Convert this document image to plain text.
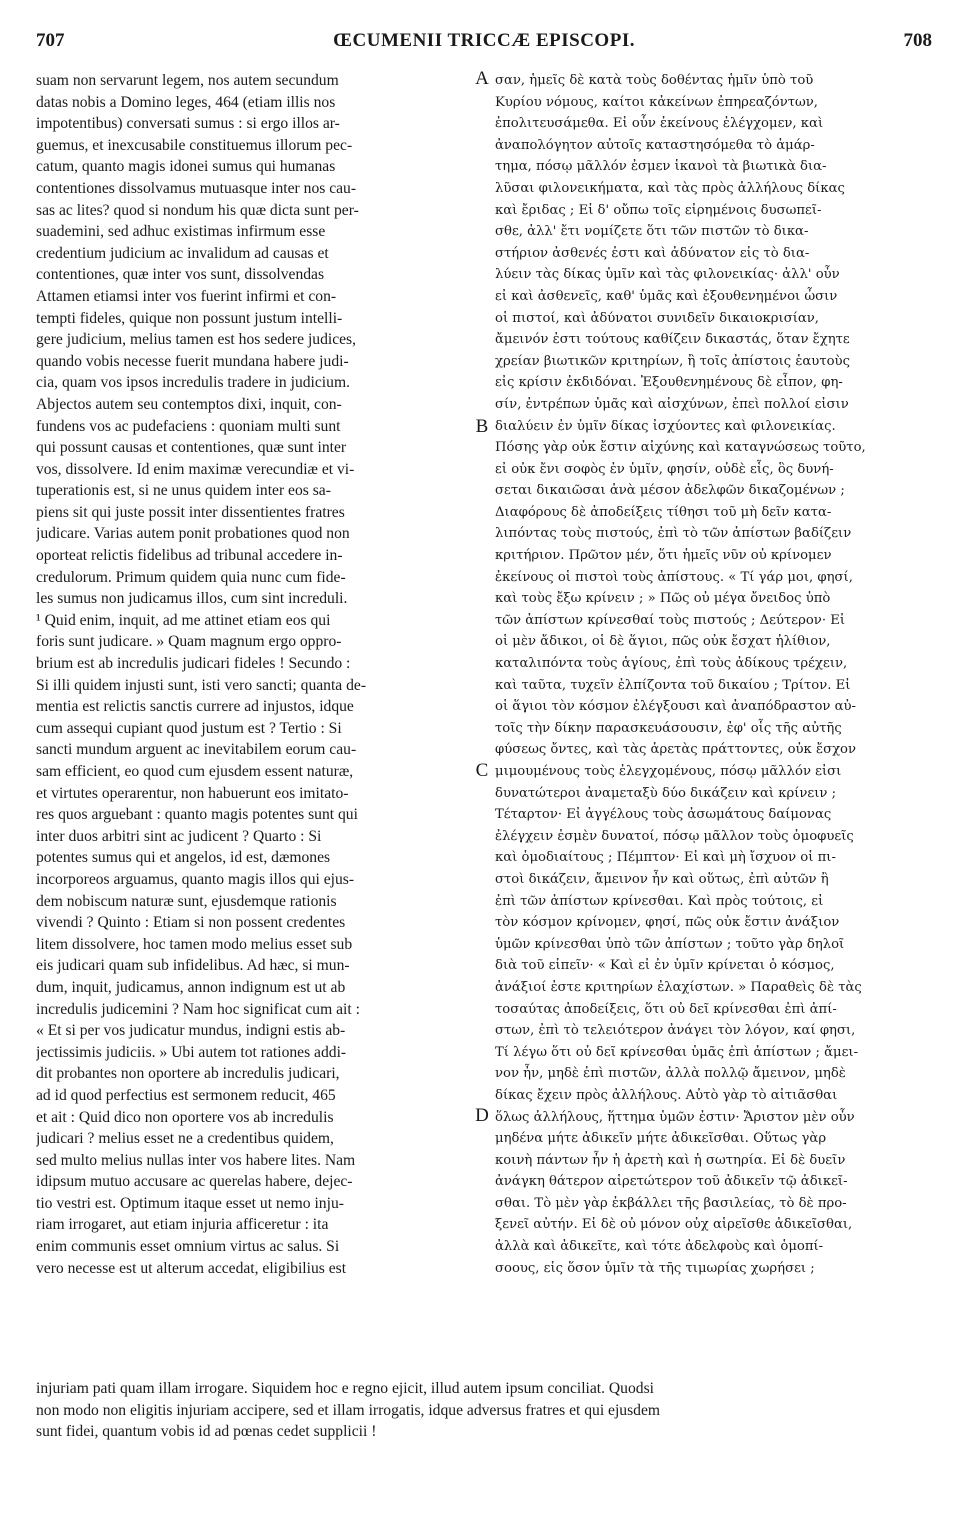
707	ŒCUMENII TRICCÆ EPISCOPI.	708
suam non servarunt legem, nos autem secundum
datas nobis a Domino leges, 464 (etiam illis nos
impotentibus) conversati sumus : si ergo illos ar-
guemus, et inexcusabile constituemus illorum pec-
catum, quanto magis idonei sumus qui humanas
contentiones dissolvamus mutuasque inter nos cau-
sas ac lites? quod si nondum his quæ dicta sunt per-
suademini, sed adhuc existimas infirmum esse
credentium judicium ac invalidum ad causas et
contentiones, quæ inter vos sunt, dissolvendas
Attamen etiamsi inter vos fuerint infirmi et con-
tempti fideles, quique non possunt justum intelli-
gere judicium, melius tamen est hos sedere judices,
quando vobis necesse fuerit mundana habere judi-
cia, quam vos ipsos incredulis tradere in judicium.
Abjectos autem seu contemptos dixi, inquit, con-
fundens vos ac pudefaciens : quoniam multi sunt
qui possunt causas et contentiones, quæ sunt inter
vos, dissolvere. Id enim maximæ verecundiæ et vi-
tuperationis est, si ne unus quidem inter eos sa-
piens sit qui juste possit inter dissentientes fratres
judicare. Varias autem ponit probationes quod non
oporteat relictis fidelibus ad tribunal accedere in-
credulorum. Primum quidem quia nunc cum fide-
les sumus non judicamus illos, cum sint increduli.
¹ Quid enim, inquit, ad me attinet etiam eos qui
foris sunt judicare. » Quam magnum ergo oppro-
brium est ab incredulis judicari fideles ! Secundo :
Si illi quidem injusti sunt, isti vero sancti; quanta de-
mentia est relictis sanctis currere ad injustos, idque
cum assequi cupiant quod justum est ? Tertio : Si
sancti mundum arguent ac inevitabilem eorum cau-
sam efficient, eo quod cum ejusdem essent naturæ,
et virtutes operarentur, non habuerunt eos imitato-
res quos arguebant : quanto magis potentes sunt qui
inter duos arbitri sint ac judicent ? Quarto : Si
potentes sumus qui et angelos, id est, dæmones
incorporeos arguamus, quanto magis illos qui ejus-
dem nobiscum naturæ sunt, ejusdemque rationis
vivendi ? Quinto : Etiam si non possent credentes
litem dissolvere, hoc tamen modo melius esset sub
eis judicari quam sub infidelibus. Ad hæc, si mun-
dum, inquit, judicamus, annon indignum est ut ab
incredulis judicemini ? Nam hoc significat cum ait :
« Et si per vos judicatur mundus, indigni estis ab-
jectissimis judiciis. » Ubi autem tot rationes addi-
dit probantes non oportere ab incredulis judicari,
ad id quod perfectius est sermonem reducit, 465
et ait : Quid dico non oportere vos ab incredulis
judicari ? melius esset ne a credentibus quidem,
sed multo melius nullas inter vos habere lites. Nam
idipsum mutuo accusare ac querelas habere, dejec-
tio vestri est. Optimum itaque esset ut nemo inju-
riam irrogaret, aut etiam injuria afficeretur : ita
enim communis esset omnium virtus ac salus. Si
vero necesse est ut alterum accedat, eligibilius est
A
B
C
D
σαν, ἡμεῖς δὲ κατὰ τοὺς δοθέντας ἡμῖν ὑπὸ τοῦ
Κυρίου νόμους, καίτοι κἀκείνων ἐπηρεαζόντων,
ἐπολιτευσάμεθα. Εἰ οὖν ἐκείνους ἐλέγχομεν, καὶ
ἀναπολόγητον αὐτοῖς καταστησόμεθα τὸ ἁμάρ-
τημα, πόσῳ μᾶλλόν ἐσμεν ἱκανοὶ τὰ βιωτικὰ δια-
λῦσαι φιλονεικήματα, καὶ τὰς πρὸς ἀλλήλους δίκας
καὶ ἔριδας ; Εἰ δ' οὔπω τοῖς εἰρημένοις δυσωπεῖ-
σθε, ἀλλ' ἔτι νομίζετε ὅτι τῶν πιστῶν τὸ δικα-
στήριον ἀσθενές ἐστι καὶ ἀδύνατον εἰς τὸ δια-
λύειν τὰς δίκας ὑμῖν καὶ τὰς φιλονεικίας· ἀλλ' οὖν
εἰ καὶ ἀσθενεῖς, καθ' ὑμᾶς καὶ ἐξουθενημένοι ὦσιν
οἱ πιστοί, καὶ ἀδύνατοι συνιδεῖν δικαιοκρισίαν,
ἄμεινόν ἐστι τούτους καθίζειν δικαστάς, ὅταν ἔχητε
χρείαν βιωτικῶν κριτηρίων, ἢ τοῖς ἀπίστοις ἑαυτοὺς
εἰς κρίσιν ἐκδιδόναι. Ἐξουθενημένους δὲ εἶπον, φη-
σίν, ἐντρέπων ὑμᾶς καὶ αἰσχύνων, ἐπεὶ πολλοί εἰσιν
διαλύειν ἐν ὑμῖν δίκας ἰσχύοντες καὶ φιλονεικίας.
Πόσης γὰρ οὐκ ἔστιν αἰχύνης καὶ καταγνώσεως τοῦτο,
εἰ οὐκ ἔνι σοφὸς ἐν ὑμῖν, φησίν, οὐδὲ εἷς, ὃς δυνή-
σεται δικαιῶσαι ἀνὰ μέσον ἀδελφῶν δικαζομένων ;
Διαφόρους δὲ ἀποδείξεις τίθησι τοῦ μὴ δεῖν κατα-
λιπόντας τοὺς πιστούς, ἐπὶ τὸ τῶν ἀπίστων βαδίζειν
κριτήριον. Πρῶτον μέν, ὅτι ἡμεῖς νῦν οὐ κρίνομεν
ἐκείνους οἱ πιστοὶ τοὺς ἀπίστους. « Τί γάρ μοι, φησί,
καὶ τοὺς ἔξω κρίνειν ; » Πῶς οὐ μέγα ὄνειδος ὑπὸ
τῶν ἀπίστων κρίνεσθαί τοὺς πιστούς ; Δεύτερον· Εἰ
οἱ μὲν ἄδικοι, οἱ δὲ ἅγιοι, πῶς οὐκ ἔσχατ ἠλίθιον,
καταλιπόντα τοὺς ἁγίους, ἐπὶ τοὺς ἀδίκους τρέχειν,
καὶ ταῦτα, τυχεῖν ἐλπίζοντα τοῦ δικαίου ; Τρίτον. Εἰ
οἱ ἅγιοι τὸν κόσμον ἐλέγξουσι καὶ ἀναπόδραστον αὐ-
τοῖς τὴν δίκην παρασκευάσουσιν, ἐφ' οἷς τῆς αὐτῆς
φύσεως ὄντες, καὶ τὰς ἀρετὰς πράττοντες, οὐκ ἔσχον
μιμουμένους τοὺς ἐλεγχομένους, πόσῳ μᾶλλόν εἰσι
δυνατώτεροι ἀναμεταξὺ δύο δικάζειν καὶ κρίνειν ;
Τέταρτον· Εἰ ἀγγέλους τοὺς ἀσωμάτους δαίμονας
ἐλέγχειν ἐσμὲν δυνατοί, πόσῳ μᾶλλον τοὺς ὁμοφυεῖς
καὶ ὁμοδιαίτους ; Πέμπτον· Εἰ καὶ μὴ ἴσχυον οἱ πι-
στοὶ δικάζειν, ἄμεινον ἦν καὶ οὕτως, ἐπὶ αὐτῶν ἢ
ἐπὶ τῶν ἀπίστων κρίνεσθαι. Καὶ πρὸς τούτοις, εἰ
τὸν κόσμον κρίνομεν, φησί, πῶς οὐκ ἔστιν ἀνάξιον
ὑμῶν κρίνεσθαι ὑπὸ τῶν ἀπίστων ; τοῦτο γὰρ δηλοῖ
διὰ τοῦ εἰπεῖν· « Καὶ εἰ ἐν ὑμῖν κρίνεται ὁ κόσμος,
ἀνάξιοί ἐστε κριτηρίων ἐλαχίστων. » Παραθεὶς δὲ τὰς
τοσαύτας ἀποδείξεις, ὅτι οὐ δεῖ κρίνεσθαι ἐπὶ ἀπί-
στων, ἐπὶ τὸ τελειότερον ἀνάγει τὸν λόγον, καί φησι,
Τί λέγω ὅτι οὐ δεῖ κρίνεσθαι ὑμᾶς ἐπὶ ἀπίστων ; ἄμει-
νον ἦν, μηδὲ ἐπὶ πιστῶν, ἀλλὰ πολλῷ ἄμεινον, μηδὲ
δίκας ἔχειν πρὸς ἀλλήλους. Αὐτὸ γὰρ τὸ αἰτιᾶσθαι
ὅλως ἀλλήλους, ἥττημα ὑμῶν ἐστιν· Ἄριστον μὲν οὖν
μηδένα μήτε ἀδικεῖν μήτε ἀδικεῖσθαι. Οὕτως γὰρ
κοινὴ πάντων ἦν ἡ ἀρετὴ καὶ ἡ σωτηρία. Εἰ δὲ δυεῖν
ἀνάγκη θάτερον αἱρετώτερον τοῦ ἀδικεῖν τῷ ἀδικεῖ-
σθαι. Τὸ μὲν γὰρ ἐκβάλλει τῆς βασιλείας, τὸ δὲ προ-
ξενεῖ αὐτήν. Εἰ δὲ οὐ μόνον οὐχ αἱρεῖσθε ἀδικεῖσθαι,
ἀλλὰ καὶ ἀδικεῖτε, καὶ τότε ἀδελφοὺς καὶ ὁμοπί-
σοους, εἰς ὅσον ὑμῖν τὰ τῆς τιμωρίας χωρήσει ;
injuriam pati quam illam irrogare. Siquidem hoc e regno ejicit, illud autem ipsum conciliat. Quodsi
non modo non eligitis injuriam accipere, sed et illam irrogatis, idque adversus fratres et qui ejusdem
sunt fidei, quantum vobis id ad pœnas cedet supplicii !
